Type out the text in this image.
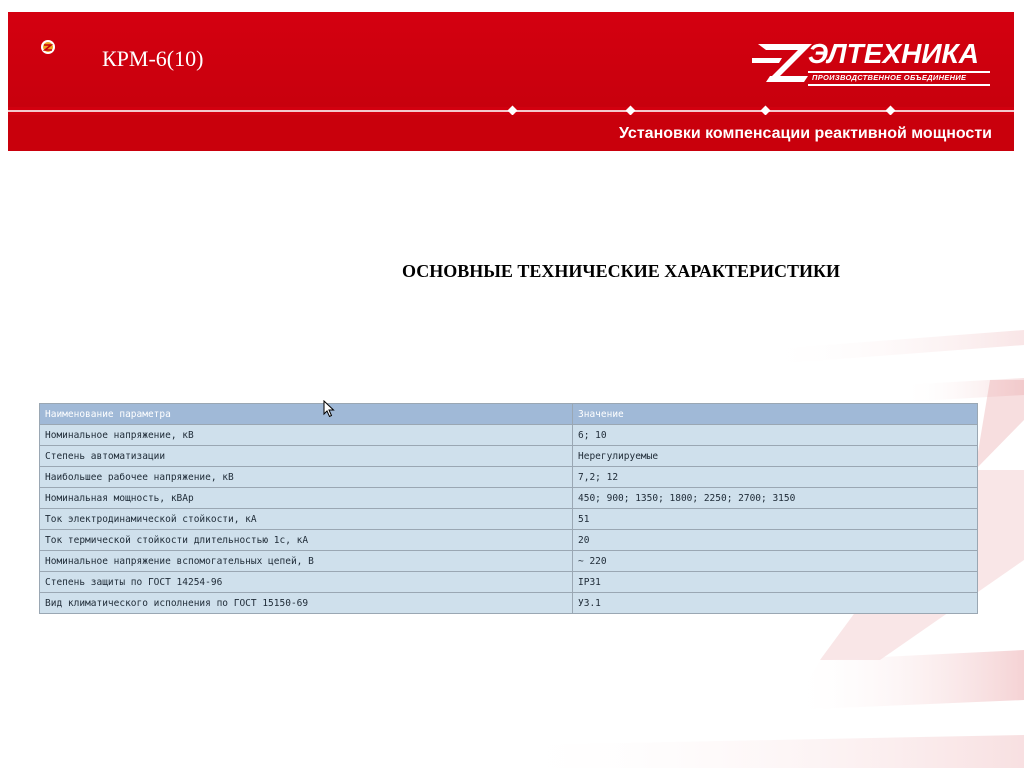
КРМ-6(10)	ЭЛТЕХНИКА
ПРОИЗВОДСТВЕННОЕ ОБЪЕДИНЕНИЕ
Установки компенсации реактивной мощности
ОСНОВНЫЕ ТЕХНИЧЕСКИЕ ХАРАКТЕРИСТИКИ
Наименование параметра	Значение
Номинальное напряжение, кВ	6; 10
Степень автоматизации	Нерегулируемые
Наибольшее рабочее напряжение, кВ	7,2; 12
Номинальная мощность, кВАр	450; 900; 1350; 1800; 2250; 2700; 3150
Ток электродинамической стойкости, кА	51
Ток термической стойкости длительностью 1с, кА	20
Номинальное напряжение вспомогательных цепей, В	~ 220
Степень защиты по ГОСТ 14254-96	IP31
Вид климатического исполнения по ГОСТ 15150-69	У3.1
